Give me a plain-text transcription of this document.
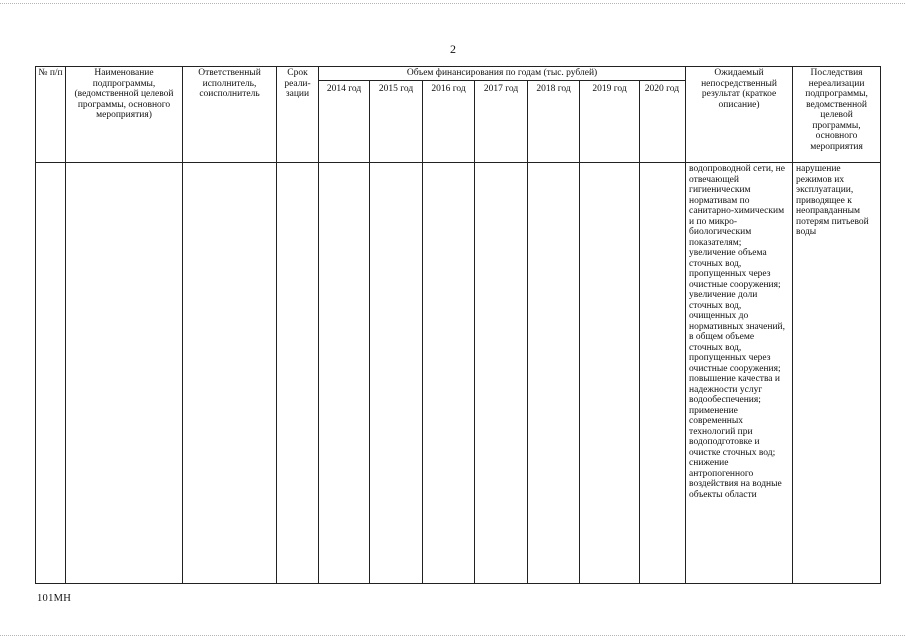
2
№ п/п	Наименование подпрограммы, (ведомственной целевой программы, основного мероприятия)	Ответственный исполнитель, соисполнитель	Срок реали-зации	Объем финансирования по годам (тыс. рублей)							Ожидаемый непосредственный результат (краткое описание)	Последствия нереализации подпрограммы, ведомственной целевой программы, основного мероприятия
				2014 год	2015 год	2016 год	2017 год	2018 год	2019 год	2020 год		
											водопроводной сети, не отвечающей гигиеническим нормативам по санитарно-химическим и по микро-биологическим показателям; увеличение объема сточных вод, пропущенных через очистные сооружения; увеличение доли сточных вод, очищенных до нормативных значений, в общем объеме сточных вод, пропущенных через очистные сооружения; повышение качества и надежности услуг водообеспечения; применение современных технологий при водоподготовке и очистке сточных вод; снижение антропогенного воздействия на водные объекты области	нарушение режимов их эксплуатации, приводящее к неоправданным потерям питьевой воды
101МН
